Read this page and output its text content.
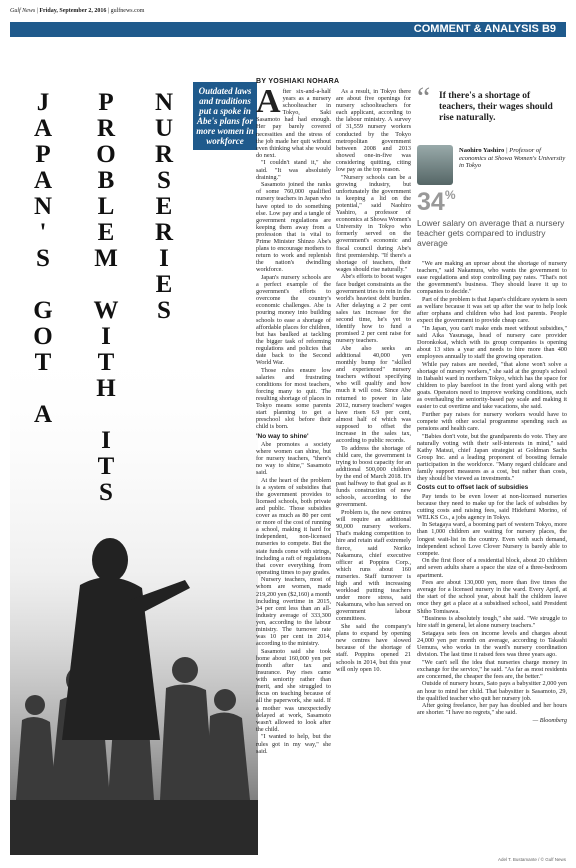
Gulf News | Friday, September 2, 2016 | gulfnews.com
COMMENT & ANALYSIS B9
J
A
P
A
N
'
S

G
O
T

A
P
R
O
B
L
E
M

W
I
T
H

I
T
S
N
U
R
S
E
R
I
E
S
Outdated laws and traditions put a spoke in Abe's plans for more women in workforce
BY YOSHIAKI NOHARA

After six-and-a-half years as a nursery schoolteacher in Tokyo, Saki Sasamoto had had enough. Her pay barely covered necessities and the stress of the job made her quit without even thinking what she would do next.

"I couldn't stand it," she said. "It was absolutely draining."

Sasamoto joined the ranks of some 760,000 qualified nursery teachers in Japan who have opted to do something else. Low pay and a tangle of government regulations are keeping them away from a profession that is vital to Prime Minister Shinzo Abe's plans to encourage mothers to return to work and replenish the nation's dwindling workforce.

Japan's nursery schools are a perfect example of the government's efforts to overcome the country's economic challenges. Abe is pouring money into building schools to ease a shortage of affordable places for children, but has baulked at tackling the bigger task of reforming regulations and policies that date back to the Second World War.

Those rules ensure low salaries and frustrating conditions for most teachers, forcing many to quit. The resulting shortage of places in Tokyo means some parents start planning to get a preschool slot before their child is born.

'No way to shine'

Abe promotes a society where women can shine, but for nursery teachers, "there's no way to shine," Sasamoto said.

At the heart of the problem is a system of subsidies that the government provides to licensed schools, both private and public. Those subsidies cover as much as 80 per cent or more of the cost of running a school, making it hard for independent, non-licensed nurseries to compete. But the state funds come with strings, including a raft of regulations that cover everything from operating times to pay grades.

Nursery teachers, most of whom are women, made 219,200 yen ($2,160) a month including overtime in 2015, 34 per cent less than an all-industry average of 333,300 yen, according to the labour ministry. The turnover rate was 10 per cent in 2014, according to the ministry.

Sasamoto said she took home about 160,000 yen per month after tax and insurance. Pay rises came with seniority rather than merit, and she struggled to focus on teaching because of all the paperwork, she said. If a mother was unexpectedly delayed at work, Sasamoto wasn't allowed to look after the child.

"I wanted to help, but the rules got in my way," she said.

As a result, in Tokyo there are about five openings for nursery schoolteachers for each applicant, according to the labour ministry. A survey of 31,559 nursery workers conducted by the Tokyo metropolitan government between 2008 and 2013 showed one-in-five was considering quitting, citing low pay as the top reason.

"Nursery schools can be a growing industry, but unfortunately the government is keeping a lid on the potential," said Naohiro Yashiro, a professor of economics at Showa Women's University in Tokyo who formerly served on the government's economic and fiscal council during Abe's first premiership. "If there's a shortage of teachers, their wages should rise naturally."

Abe's efforts to boost wages face budget constraints as the government tries to rein in the world's heaviest debt burden. After delaying a 2 per cent sales tax increase for the second time, he's yet to identify how to fund a promised 2 per cent raise for nursery teachers.

Abe also seeks an additional 40,000 yen monthly bump for "skilled and experienced" nursery teachers without specifying who will qualify and how much it will cost. Since Abe returned to power in late 2012, nursery teachers' wages have risen 6.9 per cent, almost half of which was supposed to offset the increase in the sales tax, according to public records.

To address the shortage of child care, the government is trying to boost capacity for an additional 500,000 children by the end of March 2018. It's past halfway to that goal as it funds construction of new schools, according to the government.

Problem is, the new centres will require an additional 90,000 nursery workers. That's making competition to hire and retain staff extremely fierce, said Noriko Nakamura, chief executive officer at Poppins Corp., which runs about 160 nurseries. Staff turnover is high and with increasing workload putting teachers under more stress, said Nakamura, who has served on government labour committees.

She said the company's plans to expand by opening new centres have slowed because of the shortage of staff. Poppins opened 21 schools in 2014, but this year will only open 10.

“ If there's a shortage of teachers, their wages should rise naturally.
Naohiro Yashiro | Professor of economics at Showa Women's University in Tokyo
34%
Lower salary on average that a nursery teacher gets compared to industry average

"We are making an uproar about the shortage of nursery teachers," said Nakamura, who wants the government to ease regulations and stop controlling pay rates. "That's not the government's business. They should leave it up to companies to decide."

Part of the problem is that Japan's childcare system is seen as welfare because it was set up after the war to help look after orphans and children who had lost parents. People expect the government to provide cheap care.

"In Japan, you can't make ends meet without subsidies," said Aika Yasunaga, head of nursery care provider Doronkokai, which with its group companies is opening about 13 sites a year and needs to hire more than 400 employees annually to staff the growing operation.

While pay raises are needed, "that alone won't solve a shortage of nursery workers," she said at the group's school in Itabashi ward in northern Tokyo, which has the space for children to play barefoot in the front yard along with pet goats. Operators need to improve working conditions, such as overhauling the seniority-based pay scale and making it easier to cut overtime and take vacations, she said.

Further pay raises for nursery workers would have to compete with other social programme spending such as pensions and health care.

"Babies don't vote, but the grandparents do vote. They are naturally voting with their self-interests in mind," said Kathy Matsui, chief Japan strategist at Goldman Sachs Group Inc. and a leading proponent of boosting female participation in the workforce. "Many regard childcare and family support measures as a cost, but rather than costs, they should be viewed as investments."

Costs cut to offset lack of subsidies

Pay tends to be even lower at non-licensed nurseries because they need to make up for the lack of subsidies by cutting costs and raising fees, said Hidefumi Morino, of WELKS Co., a jobs agency in Tokyo.

In Setagaya ward, a booming part of western Tokyo, more than 1,000 children are waiting for nursery places, the longest wait-list in the country. Even with such demand, independent school Love Clover Nursery is barely able to compete.

On the first floor of a residential block, about 20 children and seven adults share a space the size of a three-bedroom apartment.

Fees are about 130,000 yen, more than five times the average for a licensed nursery in the ward. Every April, at the start of the school year, about half the children leave once they get a place at a subsidised school, said President Shiho Tomisawa.

"Business is absolutely tough," she said. "We struggle to hire staff in general, let alone nursery teachers."

Setagaya sets fees on income levels and charges about 24,000 yen per month on average, according to Takashi Uemura, who works in the ward's nursery coordination division. The last time it raised fees was three years ago.

"We can't sell the idea that nurseries charge money in exchange for the service," he said. "As far as most residents are concerned, the cheaper the fees are, the better."

Outside of nursery hours, Sato pays a babysitter 2,000 yen an hour to mind her child. That babysitter is Sasamoto, 29, the qualified teacher who quit her nursery job.

After going freelance, her pay has doubled and her hours are shorter. "I have no regrets," she said.

— Bloomberg

Adel T. Bustamante / © Gulf News
